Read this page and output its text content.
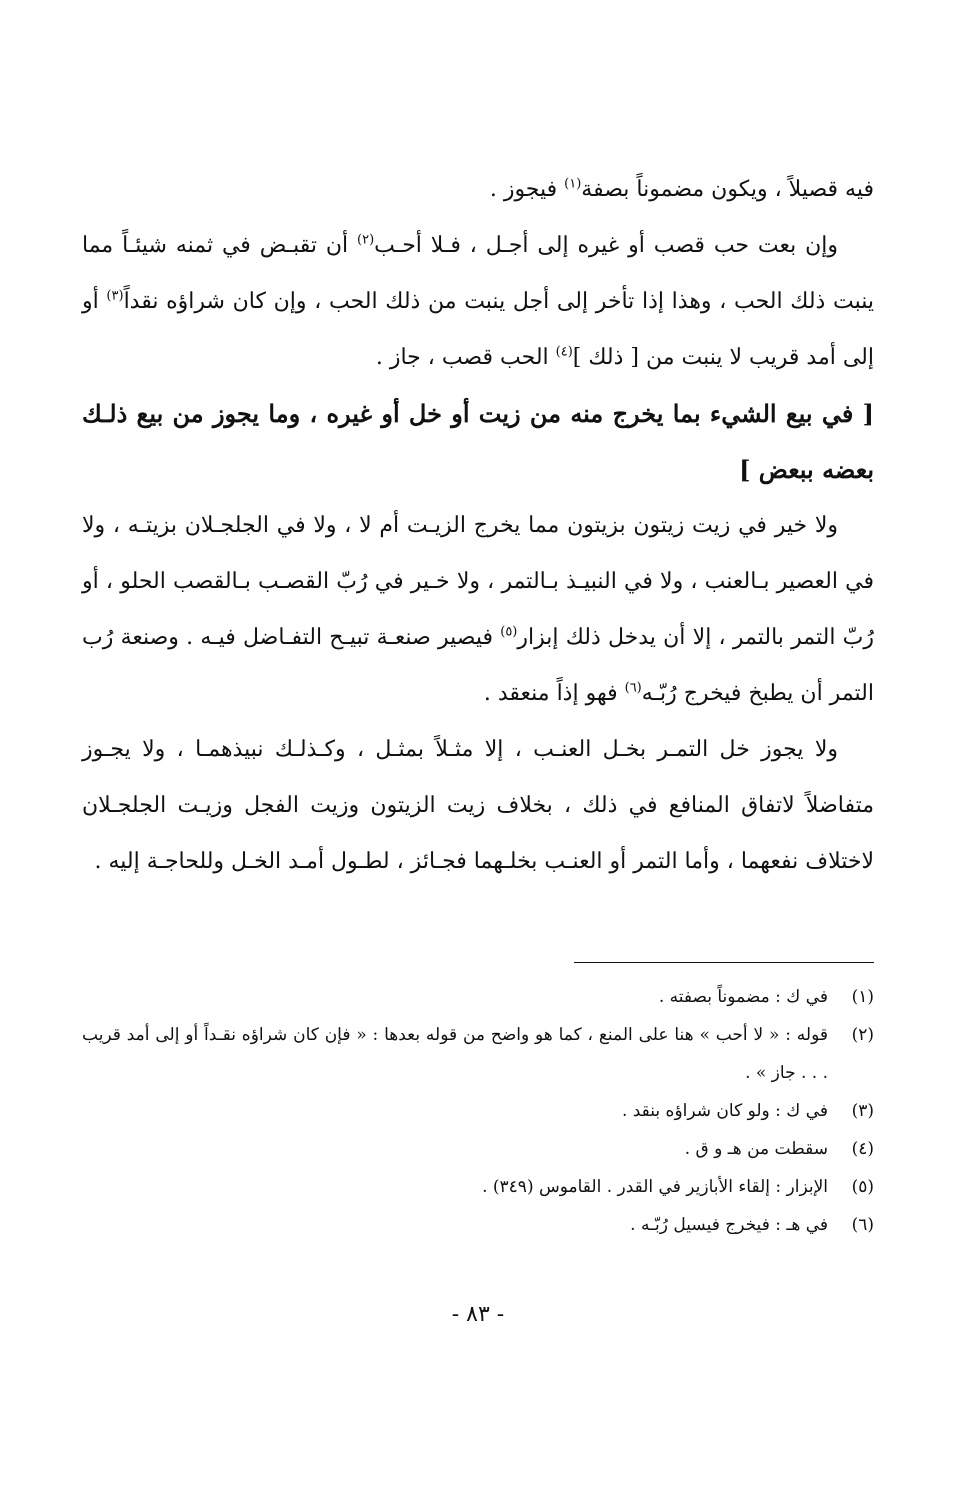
فيه قصيلاً ، ويكون مضموناً بصفة$^{(١)}$ فيجوز .

وإن بعت حب قصب أو غيره إلى أجـل ، فـلا أحـب$^{(٢)}$ أن تقبـض في ثمنه شيئـاً مما ينبت ذلك الحب ، وهذا إذا تأخر إلى أجل ينبت من ذلك الحب ، وإن كان شراؤه نقداً$^{(٣)}$ أو إلى أمد قريب لا ينبت من [ ذلك ]$^{(٤)}$ الحب قصب ، جاز .

[ في بيع الشيء بما يخرج منه من زيت أو خل أو غيره ، وما يجوز من بيع ذلـك بعضه ببعض ]

ولا خير في زيت زيتون بزيتون مما يخرج الزيـت أم لا ، ولا في الجلجـلان بزيتـه ، ولا في العصير بـالعنب ، ولا في النبيـذ بـالتمر ، ولا خـير في رُبّ القصـب بـالقصب الحلو ، أو رُبّ التمر بالتمر ، إلا أن يدخل ذلك إبزار$^{(٥)}$ فيصير صنعـة تبيـح التفـاضل فيـه . وصنعة رُب التمر أن يطبخ فيخرج رُبّـه$^{(٦)}$ فهو إذاً منعقد .

ولا يجوز خل التمـر بخـل العنـب ، إلا مثـلاً بمثـل ، وكـذلـك نبيذهمـا ، ولا يجـوز متفاضلاً لاتفاق المنافع في ذلك ، بخلاف زيت الزيتون وزيت الفجل وزيـت الجلجـلان لاختلاف نفعهما ، وأما التمر أو العنـب بخلـهما فجـائز ، لطـول أمـد الخـل وللحاجـة إليه .

(١)
في ك : مضموناً بصفته .
(٢)
قوله : « لا أحب » هنا على المنع ، كما هو واضح من قوله بعدها : « فإن كان شراؤه نقـداً أو إلى أمد قريب . . . جاز » .
(٣)
في ك : ولو كان شراؤه بنقد .
(٤)
سقطت من هـ و ق .
(٥)
الإبزار : إلقاء الأبازير في القدر . القاموس (٣٤٩) .
(٦)
في هـ : فيخرج فيسيل رُبّـه .
- ٨٣ -
